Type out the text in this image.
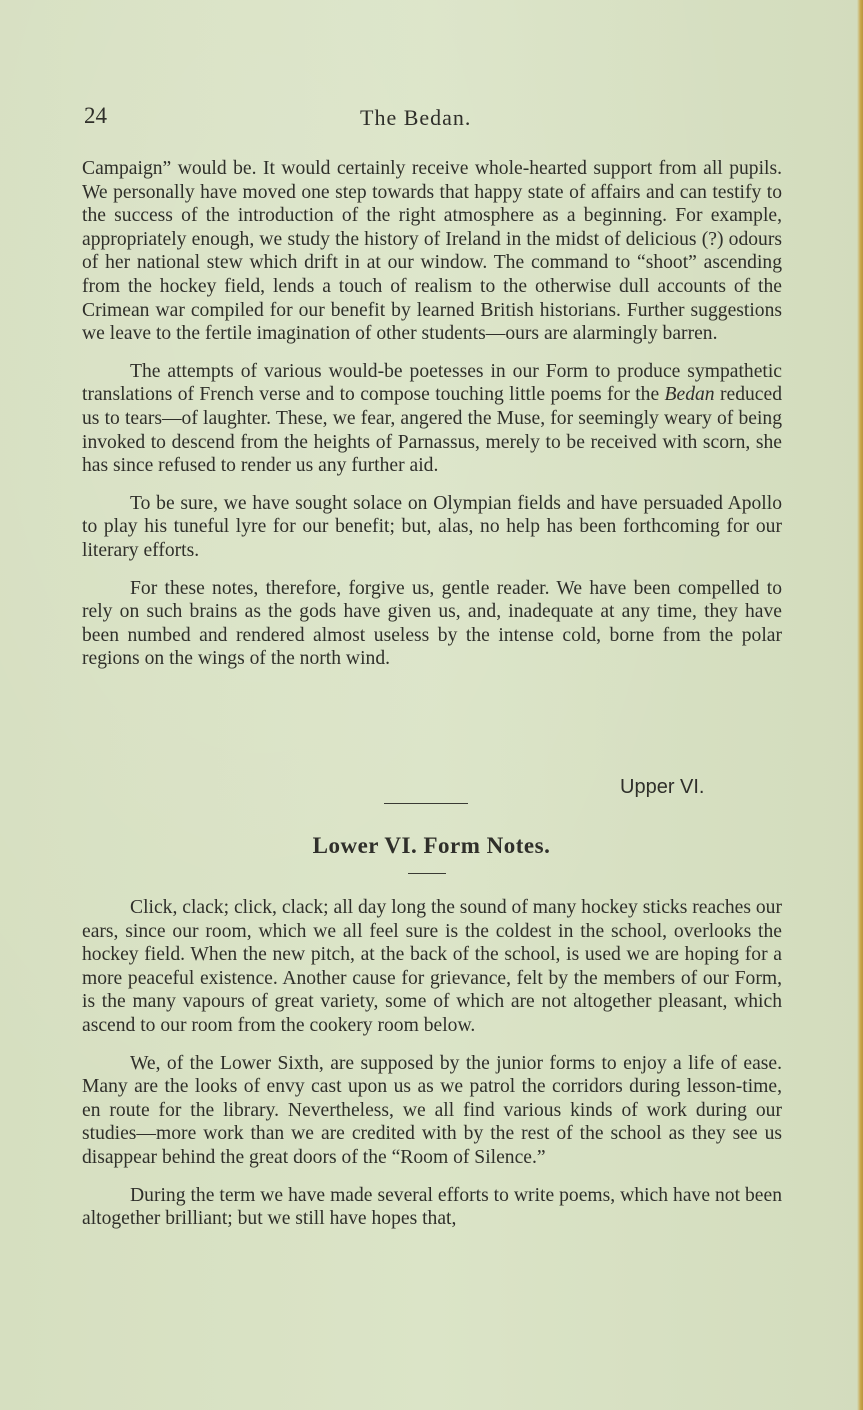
24	The Bedan.

Campaign” would be. It would certainly receive whole-hearted support from all pupils. We personally have moved one step towards that happy state of affairs and can testify to the success of the introduction of the right atmosphere as a beginning. For example, appropriately enough, we study the history of Ireland in the midst of delicious (?) odours of her national stew which drift in at our window. The command to “shoot” ascending from the hockey field, lends a touch of realism to the otherwise dull accounts of the Crimean war compiled for our benefit by learned British historians. Further suggestions we leave to the fertile imagination of other students—ours are alarmingly barren.

The attempts of various would-be poetesses in our Form to produce sympathetic translations of French verse and to compose touching little poems for the Bedan reduced us to tears—of laughter. These, we fear, angered the Muse, for seemingly weary of being invoked to descend from the heights of Parnassus, merely to be received with scorn, she has since refused to render us any further aid.

To be sure, we have sought solace on Olympian fields and have persuaded Apollo to play his tuneful lyre for our benefit; but, alas, no help has been forthcoming for our literary efforts.

For these notes, therefore, forgive us, gentle reader. We have been compelled to rely on such brains as the gods have given us, and, inadequate at any time, they have been numbed and rendered almost useless by the intense cold, borne from the polar regions on the wings of the north wind.

Upper VI.
Lower VI. Form Notes.

Click, clack; click, clack; all day long the sound of many hockey sticks reaches our ears, since our room, which we all feel sure is the coldest in the school, overlooks the hockey field. When the new pitch, at the back of the school, is used we are hoping for a more peaceful existence. Another cause for grievance, felt by the members of our Form, is the many vapours of great variety, some of which are not altogether pleasant, which ascend to our room from the cookery room below.

We, of the Lower Sixth, are supposed by the junior forms to enjoy a life of ease. Many are the looks of envy cast upon us as we patrol the corridors during lesson-time, en route for the library. Nevertheless, we all find various kinds of work during our studies—more work than we are credited with by the rest of the school as they see us disappear behind the great doors of the “Room of Silence.”

During the term we have made several efforts to write poems, which have not been altogether brilliant; but we still have hopes that,
